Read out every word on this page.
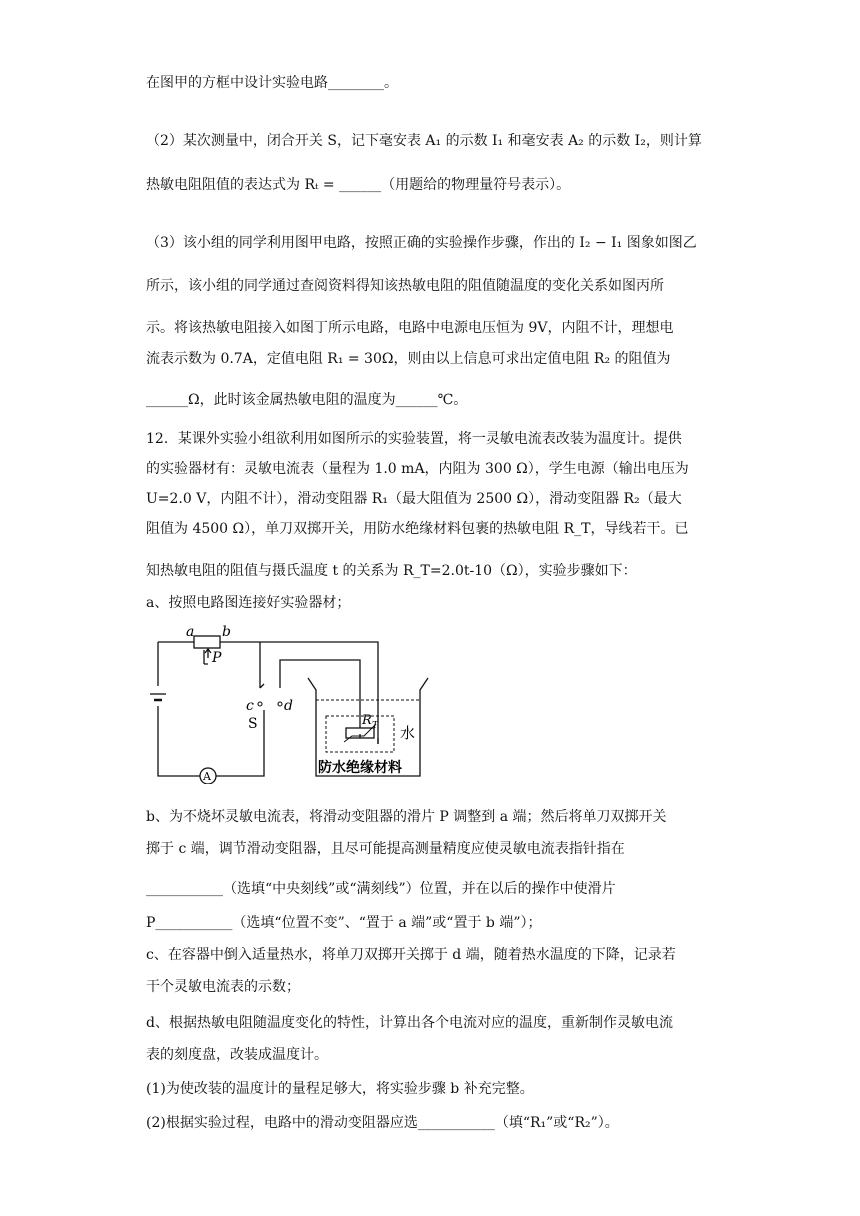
在图甲的方框中设计实验电路________。
（2）某次测量中，闭合开关 S，记下毫安表 A₁ 的示数 I₁ 和毫安表 A₂ 的示数 I₂，则计算
热敏电阻阻值的表达式为 Rₜ = ______（用题给的物理量符号表示）。
（3）该小组的同学利用图甲电路，按照正确的实验操作步骤，作出的 I₂ − I₁ 图象如图乙
所示，该小组的同学通过查阅资料得知该热敏电阻的阻值随温度的变化关系如图丙所
示。将该热敏电阻接入如图丁所示电路，电路中电源电压恒为 9V，内阻不计，理想电
流表示数为 0.7A，定值电阻 R₁ = 30Ω，则由以上信息可求出定值电阻 R₂ 的阻值为
______Ω，此时该金属热敏电阻的温度为______℃。
12．某课外实验小组欲利用如图所示的实验装置，将一灵敏电流表改装为温度计。提供
的实验器材有：灵敏电流表（量程为 1.0 mA，内阻为 300 Ω），学生电源（输出电压为
U=2.0 V，内阻不计），滑动变阻器 R₁（最大阻值为 2500 Ω），滑动变阻器 R₂（最大
阻值为 4500 Ω），单刀双掷开关，用防水绝缘材料包裹的热敏电阻 R_T，导线若干。已
知热敏电阻的阻值与摄氏温度 t 的关系为 R_T=2.0t-10（Ω），实验步骤如下：
a、按照电路图连接好实验器材；
b、为不烧坏灵敏电流表，将滑动变阻器的滑片 P 调整到 a 端；然后将单刀双掷开关
掷于 c 端，调节滑动变阻器，且尽可能提高测量精度应使灵敏电流表指针指在
___________（选填“中央刻线”或“满刻线”）位置，并在以后的操作中使滑片
P___________（选填“位置不变”、“置于 a 端”或“置于 b 端”）；
c、在容器中倒入适量热水，将单刀双掷开关掷于 d 端，随着热水温度的下降，记录若
干个灵敏电流表的示数；
d、根据热敏电阻随温度变化的特性，计算出各个电流对应的温度，重新制作灵敏电流
表的刻度盘，改装成温度计。
(1)为使改装的温度计的量程足够大，将实验步骤 b 补充完整。
(2)根据实验过程，电路中的滑动变阻器应选___________（填“R₁”或“R₂”）。
a b
P
c d
S
A
R T 水
防水绝缘材料
